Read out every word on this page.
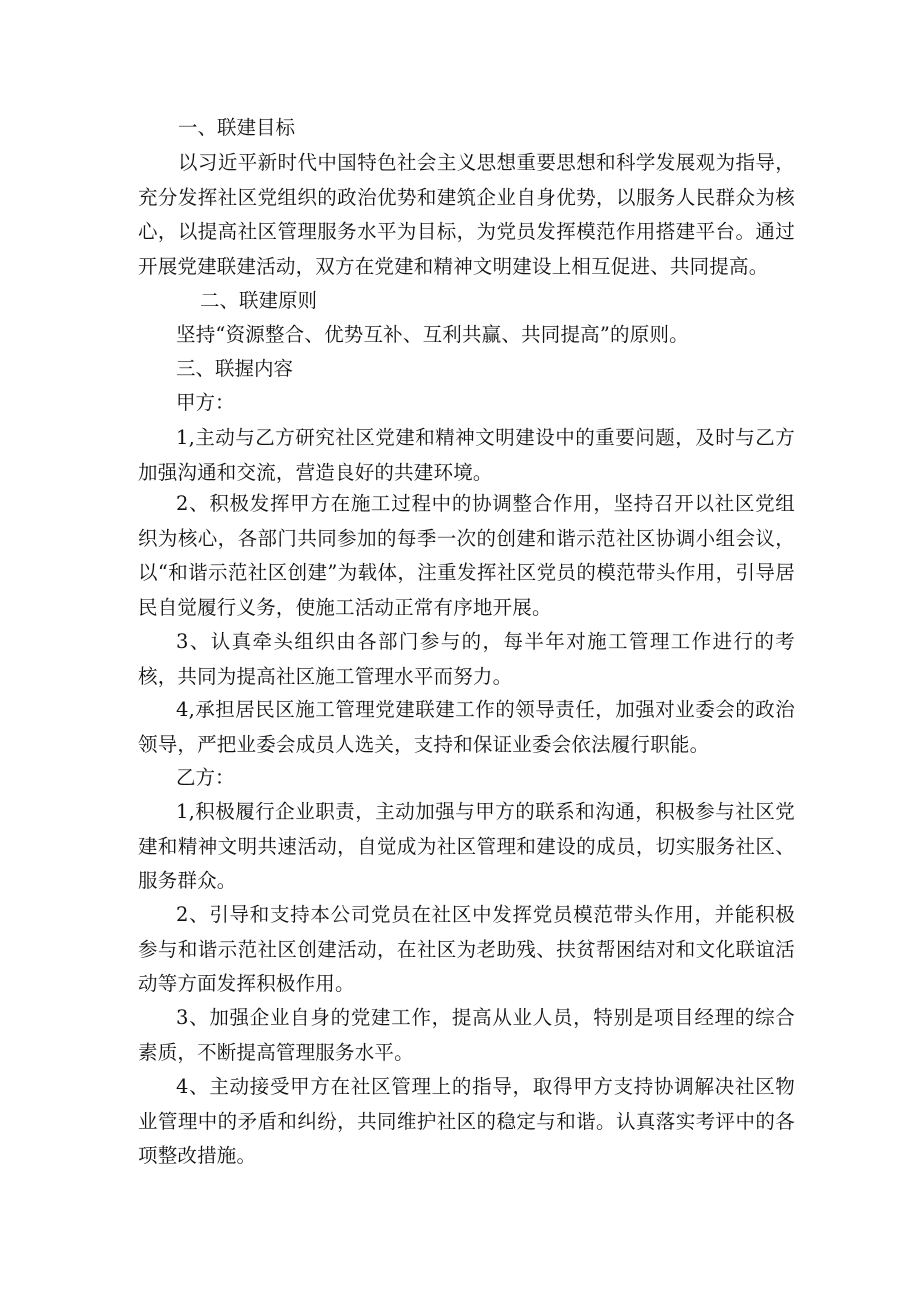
一、联建目标
以习近平新时代中国特色社会主义思想重要思想和科学发展观为指导，充分发挥社区党组织的政治优势和建筑企业自身优势，以服务人民群众为核心，以提高社区管理服务水平为目标，为党员发挥模范作用搭建平台。通过开展党建联建活动，双方在党建和精神文明建设上相互促进、共同提高。
二、联建原则
坚持“资源整合、优势互补、互利共赢、共同提高”的原则。
三、联握内容
甲方：
1,主动与乙方研究社区党建和精神文明建设中的重要问题，及时与乙方加强沟通和交流，营造良好的共建环境。
2、积极发挥甲方在施工过程中的协调整合作用，坚持召开以社区党组织为核心，各部门共同参加的每季一次的创建和谐示范社区协调小组会议，以“和谐示范社区创建”为载体，注重发挥社区党员的模范带头作用，引导居民自觉履行义务，使施工活动正常有序地开展。
3、认真牵头组织由各部门参与的，每半年对施工管理工作进行的考核，共同为提高社区施工管理水平而努力。
4,承担居民区施工管理党建联建工作的领导责任，加强对业委会的政治领导，严把业委会成员人选关，支持和保证业委会依法履行职能。
乙方：
1,积极履行企业职责，主动加强与甲方的联系和沟通，积极参与社区党建和精神文明共速活动，自觉成为社区管理和建设的成员，切实服务社区、服务群众。
2、引导和支持本公司党员在社区中发挥党员模范带头作用，并能积极参与和谐示范社区创建活动，在社区为老助残、扶贫帮困结对和文化联谊活动等方面发挥积极作用。
3、加强企业自身的党建工作，提高从业人员，特别是项目经理的综合素质，不断提高管理服务水平。
4、主动接受甲方在社区管理上的指导，取得甲方支持协调解决社区物业管理中的矛盾和纠纷，共同维护社区的稳定与和谐。认真落实考评中的各项整改措施。
